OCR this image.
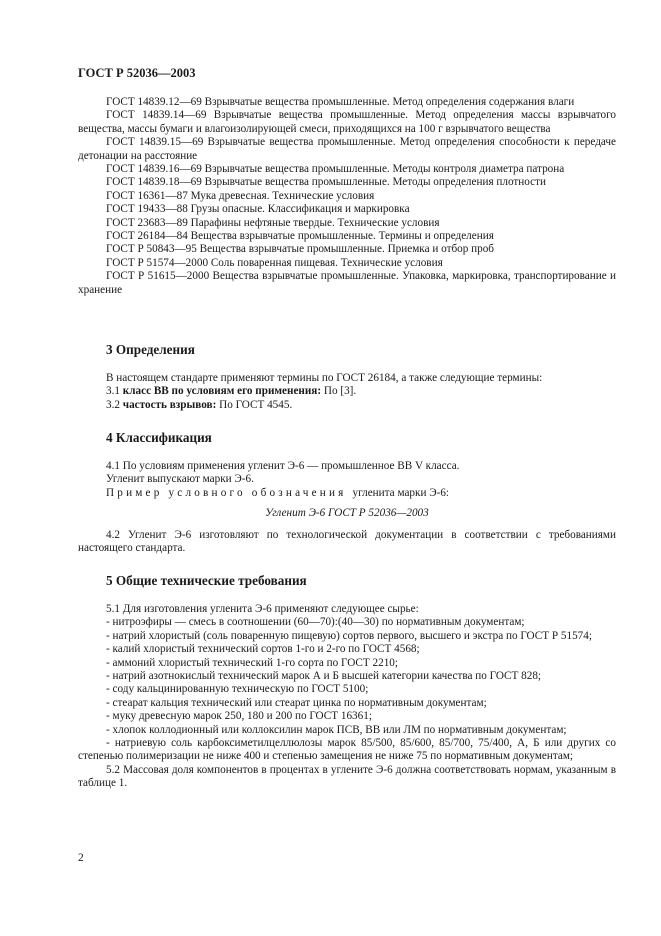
ГОСТ Р 52036—2003

ГОСТ 14839.12—69 Взрывчатые вещества промышленные. Метод определения содержания влаги

ГОСТ 14839.14—69 Взрывчатые вещества промышленные. Метод определения массы взрывчатого вещества, массы бумаги и влагоизолирующей смеси, приходящихся на 100 г взрывчатого вещества

ГОСТ 14839.15—69 Взрывчатые вещества промышленные. Метод определения способности к передаче детонации на расстояние

ГОСТ 14839.16—69 Взрывчатые вещества промышленные. Методы контроля диаметра патрона

ГОСТ 14839.18—69 Взрывчатые вещества промышленные. Методы определения плотности

ГОСТ 16361—87 Мука древесная. Технические условия

ГОСТ 19433—88 Грузы опасные. Классификация и маркировка

ГОСТ 23683—89 Парафины нефтяные твердые. Технические условия

ГОСТ 26184—84 Вещества взрывчатые промышленные. Термины и определения

ГОСТ Р 50843—95 Вещества взрывчатые промышленные. Приемка и отбор проб

ГОСТ Р 51574—2000 Соль поваренная пищевая. Технические условия

ГОСТ Р 51615—2000 Вещества взрывчатые промышленные. Упаковка, маркировка, транспортирование и хранение

3 Определения

В настоящем стандарте применяют термины по ГОСТ 26184, а также следующие термины:

3.1 класс ВВ по условиям его применения: По [3].

3.2 частость взрывов: По ГОСТ 4545.

4 Классификация

4.1 По условиям применения угленит Э-6 — промышленное ВВ V класса.

Угленит выпускают марки Э-6.

Пример условного обозначения угленита марки Э-6:

Угленит Э-6 ГОСТ Р 52036—2003

4.2 Угленит Э-6 изготовляют по технологической документации в соответствии с требованиями настоящего стандарта.

5 Общие технические требования

5.1 Для изготовления угленита Э-6 применяют следующее сырье:

- нитроэфиры — смесь в соотношении (60—70):(40—30) по нормативным документам;

- натрий хлористый (соль поваренную пищевую) сортов первого, высшего и экстра по ГОСТ Р 51574;

- калий хлористый технический сортов 1-го и 2-го по ГОСТ 4568;

- аммоний хлористый технический 1-го сорта по ГОСТ 2210;

- натрий азотнокислый технический марок А и Б высшей категории качества по ГОСТ 828;

- соду кальцинированную техническую по ГОСТ 5100;

- стеарат кальция технический или стеарат цинка по нормативным документам;

- муку древесную марок 250, 180 и 200 по ГОСТ 16361;

- хлопок коллодионный или коллоксилин марок ПСВ, ВВ или ЛМ по нормативным документам;

- натриевую соль карбоксиметилцеллюлозы марок 85/500, 85/600, 85/700, 75/400, А, Б или других со степенью полимеризации не ниже 400 и степенью замещения не ниже 75 по нормативным документам;

5.2 Массовая доля компонентов в процентах в углените Э-6 должна соответствовать нормам, указанным в таблице 1.

2
